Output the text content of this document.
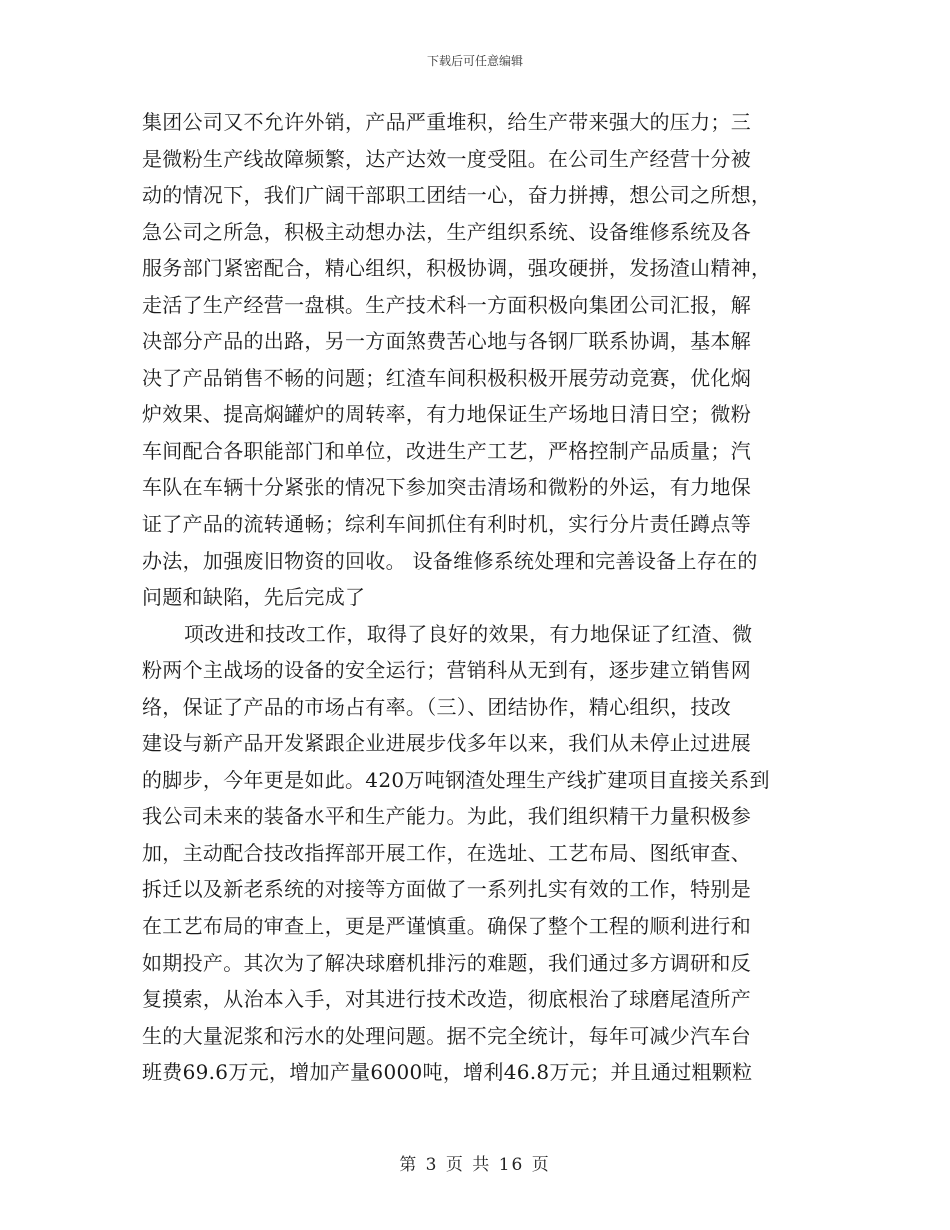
下载后可任意编辑
集团公司又不允许外销，产品严重堆积，给生产带来强大的压力；三
是微粉生产线故障频繁，达产达效一度受阻。在公司生产经营十分被
动的情况下，我们广阔干部职工团结一心，奋力拼搏，想公司之所想，
急公司之所急，积极主动想办法，生产组织系统、设备维修系统及各
服务部门紧密配合，精心组织，积极协调，强攻硬拼，发扬渣山精神，
走活了生产经营一盘棋。生产技术科一方面积极向集团公司汇报，解
决部分产品的出路，另一方面煞费苦心地与各钢厂联系协调，基本解
决了产品销售不畅的问题；红渣车间积极积极开展劳动竞赛，优化焖
炉效果、提高焖罐炉的周转率，有力地保证生产场地日清日空；微粉
车间配合各职能部门和单位，改进生产工艺，严格控制产品质量；汽
车队在车辆十分紧张的情况下参加突击清场和微粉的外运，有力地保
证了产品的流转通畅；综利车间抓住有利时机，实行分片责任蹲点等
办法，加强废旧物资的回收。 设备维修系统处理和完善设备上存在的
问题和缺陷，先后完成了
项改进和技改工作，取得了良好的效果，有力地保证了红渣、微
粉两个主战场的设备的安全运行；营销科从无到有，逐步建立销售网
络，保证了产品的市场占有率。（三）、团结协作，精心组织，技改
建设与新产品开发紧跟企业进展步伐多年以来，我们从未停止过进展
的脚步，今年更是如此。420万吨钢渣处理生产线扩建项目直接关系到
我公司未来的装备水平和生产能力。为此，我们组织精干力量积极参
加，主动配合技改指挥部开展工作，在选址、工艺布局、图纸审查、
拆迁以及新老系统的对接等方面做了一系列扎实有效的工作，特别是
在工艺布局的审查上，更是严谨慎重。确保了整个工程的顺利进行和
如期投产。其次为了解决球磨机排污的难题，我们通过多方调研和反
复摸索，从治本入手，对其进行技术改造，彻底根治了球磨尾渣所产
生的大量泥浆和污水的处理问题。据不完全统计，每年可减少汽车台
班费69.6万元，增加产量6000吨，增利46.8万元；并且通过粗颗粒
第 3 页 共 16 页
